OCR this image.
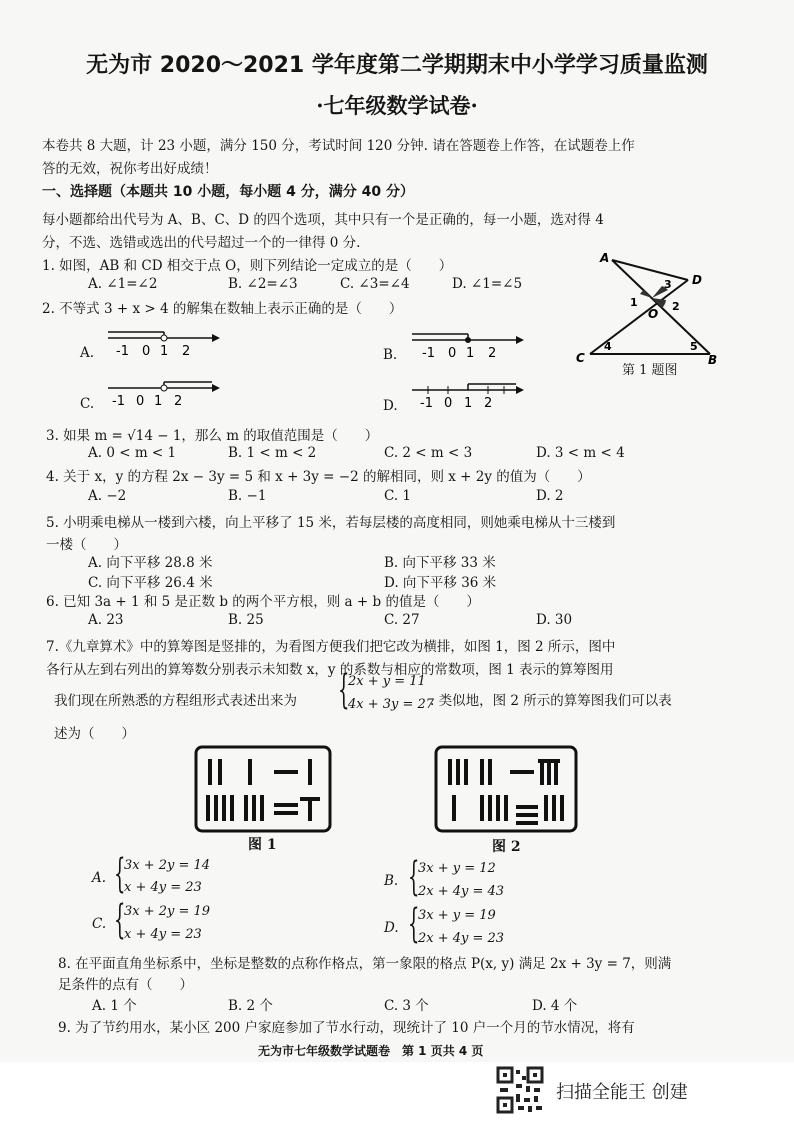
无为市 2020～2021 学年度第二学期期末中小学学习质量监测
·七年级数学试卷·
本卷共 8 大题，计 23 小题，满分 150 分，考试时间 120 分钟. 请在答题卷上作答，在试题卷上作
答的无效，祝你考出好成绩！
一、选择题（本题共 10 小题，每小题 4 分，满分 40 分）
每小题都给出代号为 A、B、C、D 的四个选项，其中只有一个是正确的，每一小题，选对得 4
分，不选、选错或选出的代号超过一个的一律得 0 分.
1. 如图，AB 和 CD 相交于点 O，则下列结论一定成立的是（　　）
A. ∠1=∠2	B. ∠2=∠3	C. ∠3=∠4	D. ∠1=∠5
A
D
O
1	2
3
4	5
C	B
第 1 题图
2. 不等式 3 + x > 4 的解集在数轴上表示正确的是（　　）
A.	B.
C.	D.
-1 0 1 2	-1 0 1 2
-1 0 1 2	-1 0 1 2
3. 如果 m = √14 − 1，那么 m 的取值范围是（　　）
A. 0 < m < 1	B. 1 < m < 2	C. 2 < m < 3	D. 3 < m < 4
4. 关于 x，y 的方程 2x − 3y = 5 和 x + 3y = −2 的解相同，则 x + 2y 的值为（　　）
A. −2	B. −1	C. 1	D. 2
5. 小明乘电梯从一楼到六楼，向上平移了 15 米，若每层楼的高度相同，则她乘电梯从十三楼到
一楼（　　）
A. 向下平移 28.8 米	B. 向下平移 33 米
C. 向下平移 26.4 米	D. 向下平移 36 米
6. 已知 3a + 1 和 5 是正数 b 的两个平方根，则 a + b 的值是（　　）
A. 23	B. 25	C. 27	D. 30
7.《九章算术》中的算筹图是竖排的，为看图方便我们把它改为横排，如图 1，图 2 所示，图中
各行从左到右列出的算筹数分别表示未知数 x，y 的系数与相应的常数项，图 1 表示的算筹图用
我们现在所熟悉的方程组形式表述出来为 {
2x + y = 11
4x + 3y = 27
. 类似地，图 2 所示的算筹图我们可以表
述为（　　）
图 1	图 2
A. {
3x + 2y = 14
x + 4y = 23	B. {
3x + y = 12
2x + 4y = 43
C. {
3x + 2y = 19
x + 4y = 23	D. {
3x + y = 19
2x + 4y = 23
8. 在平面直角坐标系中，坐标是整数的点称作格点，第一象限的格点 P(x, y) 满足 2x + 3y = 7，则满
足条件的点有（　　）
A. 1 个	B. 2 个	C. 3 个	D. 4 个
9. 为了节约用水，某小区 200 户家庭参加了节水行动，现统计了 10 户一个月的节水情况，将有
无为市七年级数学试题卷　第 1 页共 4 页
扫描全能王 创建
